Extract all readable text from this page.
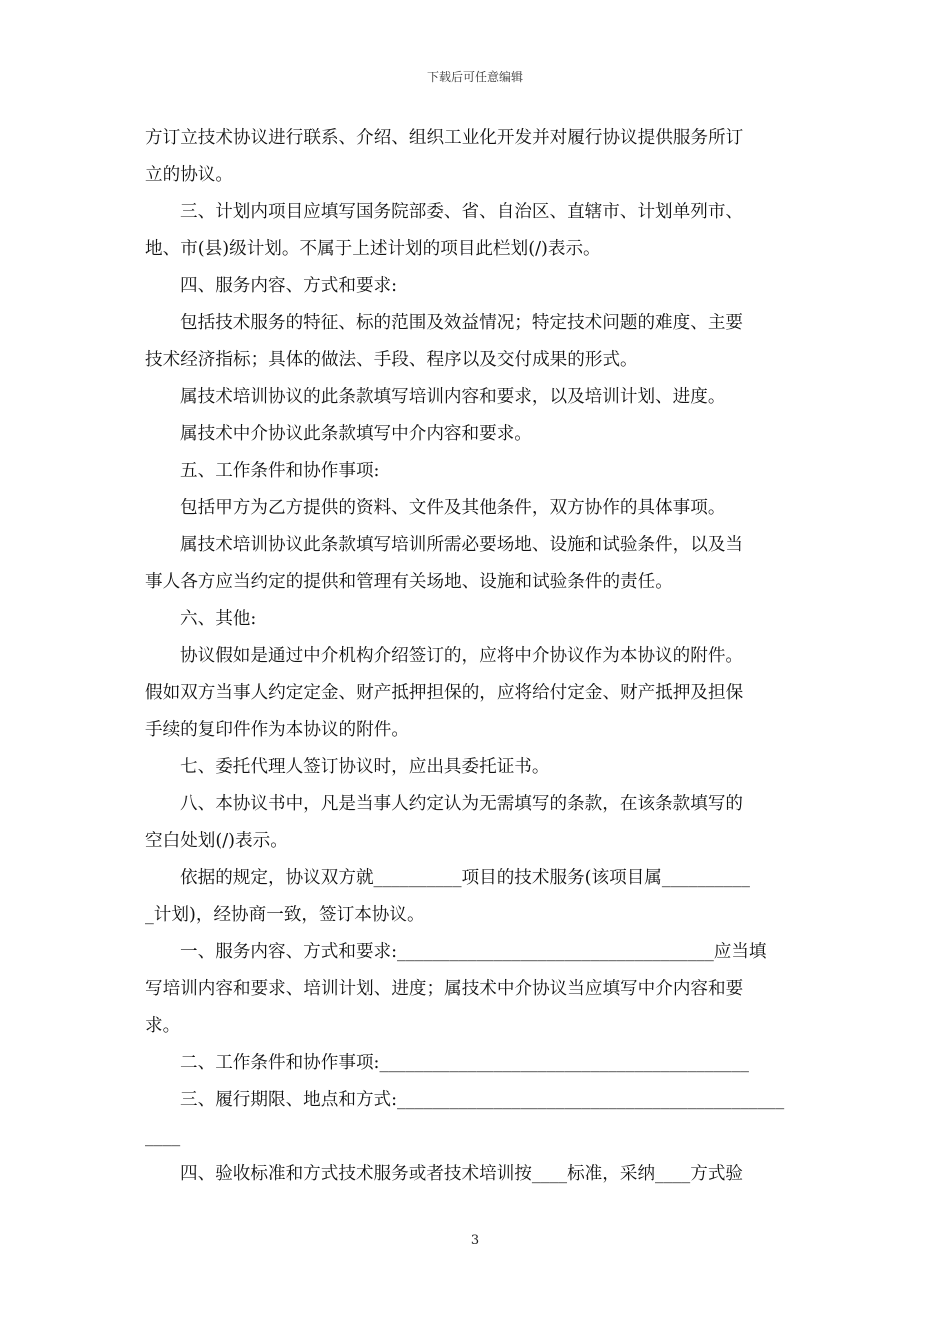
下载后可任意编辑
方订立技术协议进行联系、介绍、组织工业化开发并对履行协议提供服务所订
立的协议。
三、计划内项目应填写国务院部委、省、自治区、直辖市、计划单列市、
地、市(县)级计划。不属于上述计划的项目此栏划(/)表示。
四、服务内容、方式和要求:
包括技术服务的特征、标的范围及效益情况；特定技术问题的难度、主要
技术经济指标；具体的做法、手段、程序以及交付成果的形式。
属技术培训协议的此条款填写培训内容和要求，以及培训计划、进度。
属技术中介协议此条款填写中介内容和要求。
五、工作条件和协作事项:
包括甲方为乙方提供的资料、文件及其他条件，双方协作的具体事项。
属技术培训协议此条款填写培训所需必要场地、设施和试验条件，以及当
事人各方应当约定的提供和管理有关场地、设施和试验条件的责任。
六、其他:
协议假如是通过中介机构介绍签订的，应将中介协议作为本协议的附件。
假如双方当事人约定定金、财产抵押担保的，应将给付定金、财产抵押及担保
手续的复印件作为本协议的附件。
七、委托代理人签订协议时，应出具委托证书。
八、本协议书中，凡是当事人约定认为无需填写的条款，在该条款填写的
空白处划(/)表示。
依据的规定，协议双方就__________项目的技术服务(该项目属__________
_计划)，经协商一致，签订本协议。
一、服务内容、方式和要求:____________________________________应当填
写培训内容和要求、培训计划、进度；属技术中介协议当应填写中介内容和要
求。
二、工作条件和协作事项:__________________________________________
三、履行期限、地点和方式:____________________________________________
____
四、验收标准和方式技术服务或者技术培训按____标准，采纳____方式验
3
